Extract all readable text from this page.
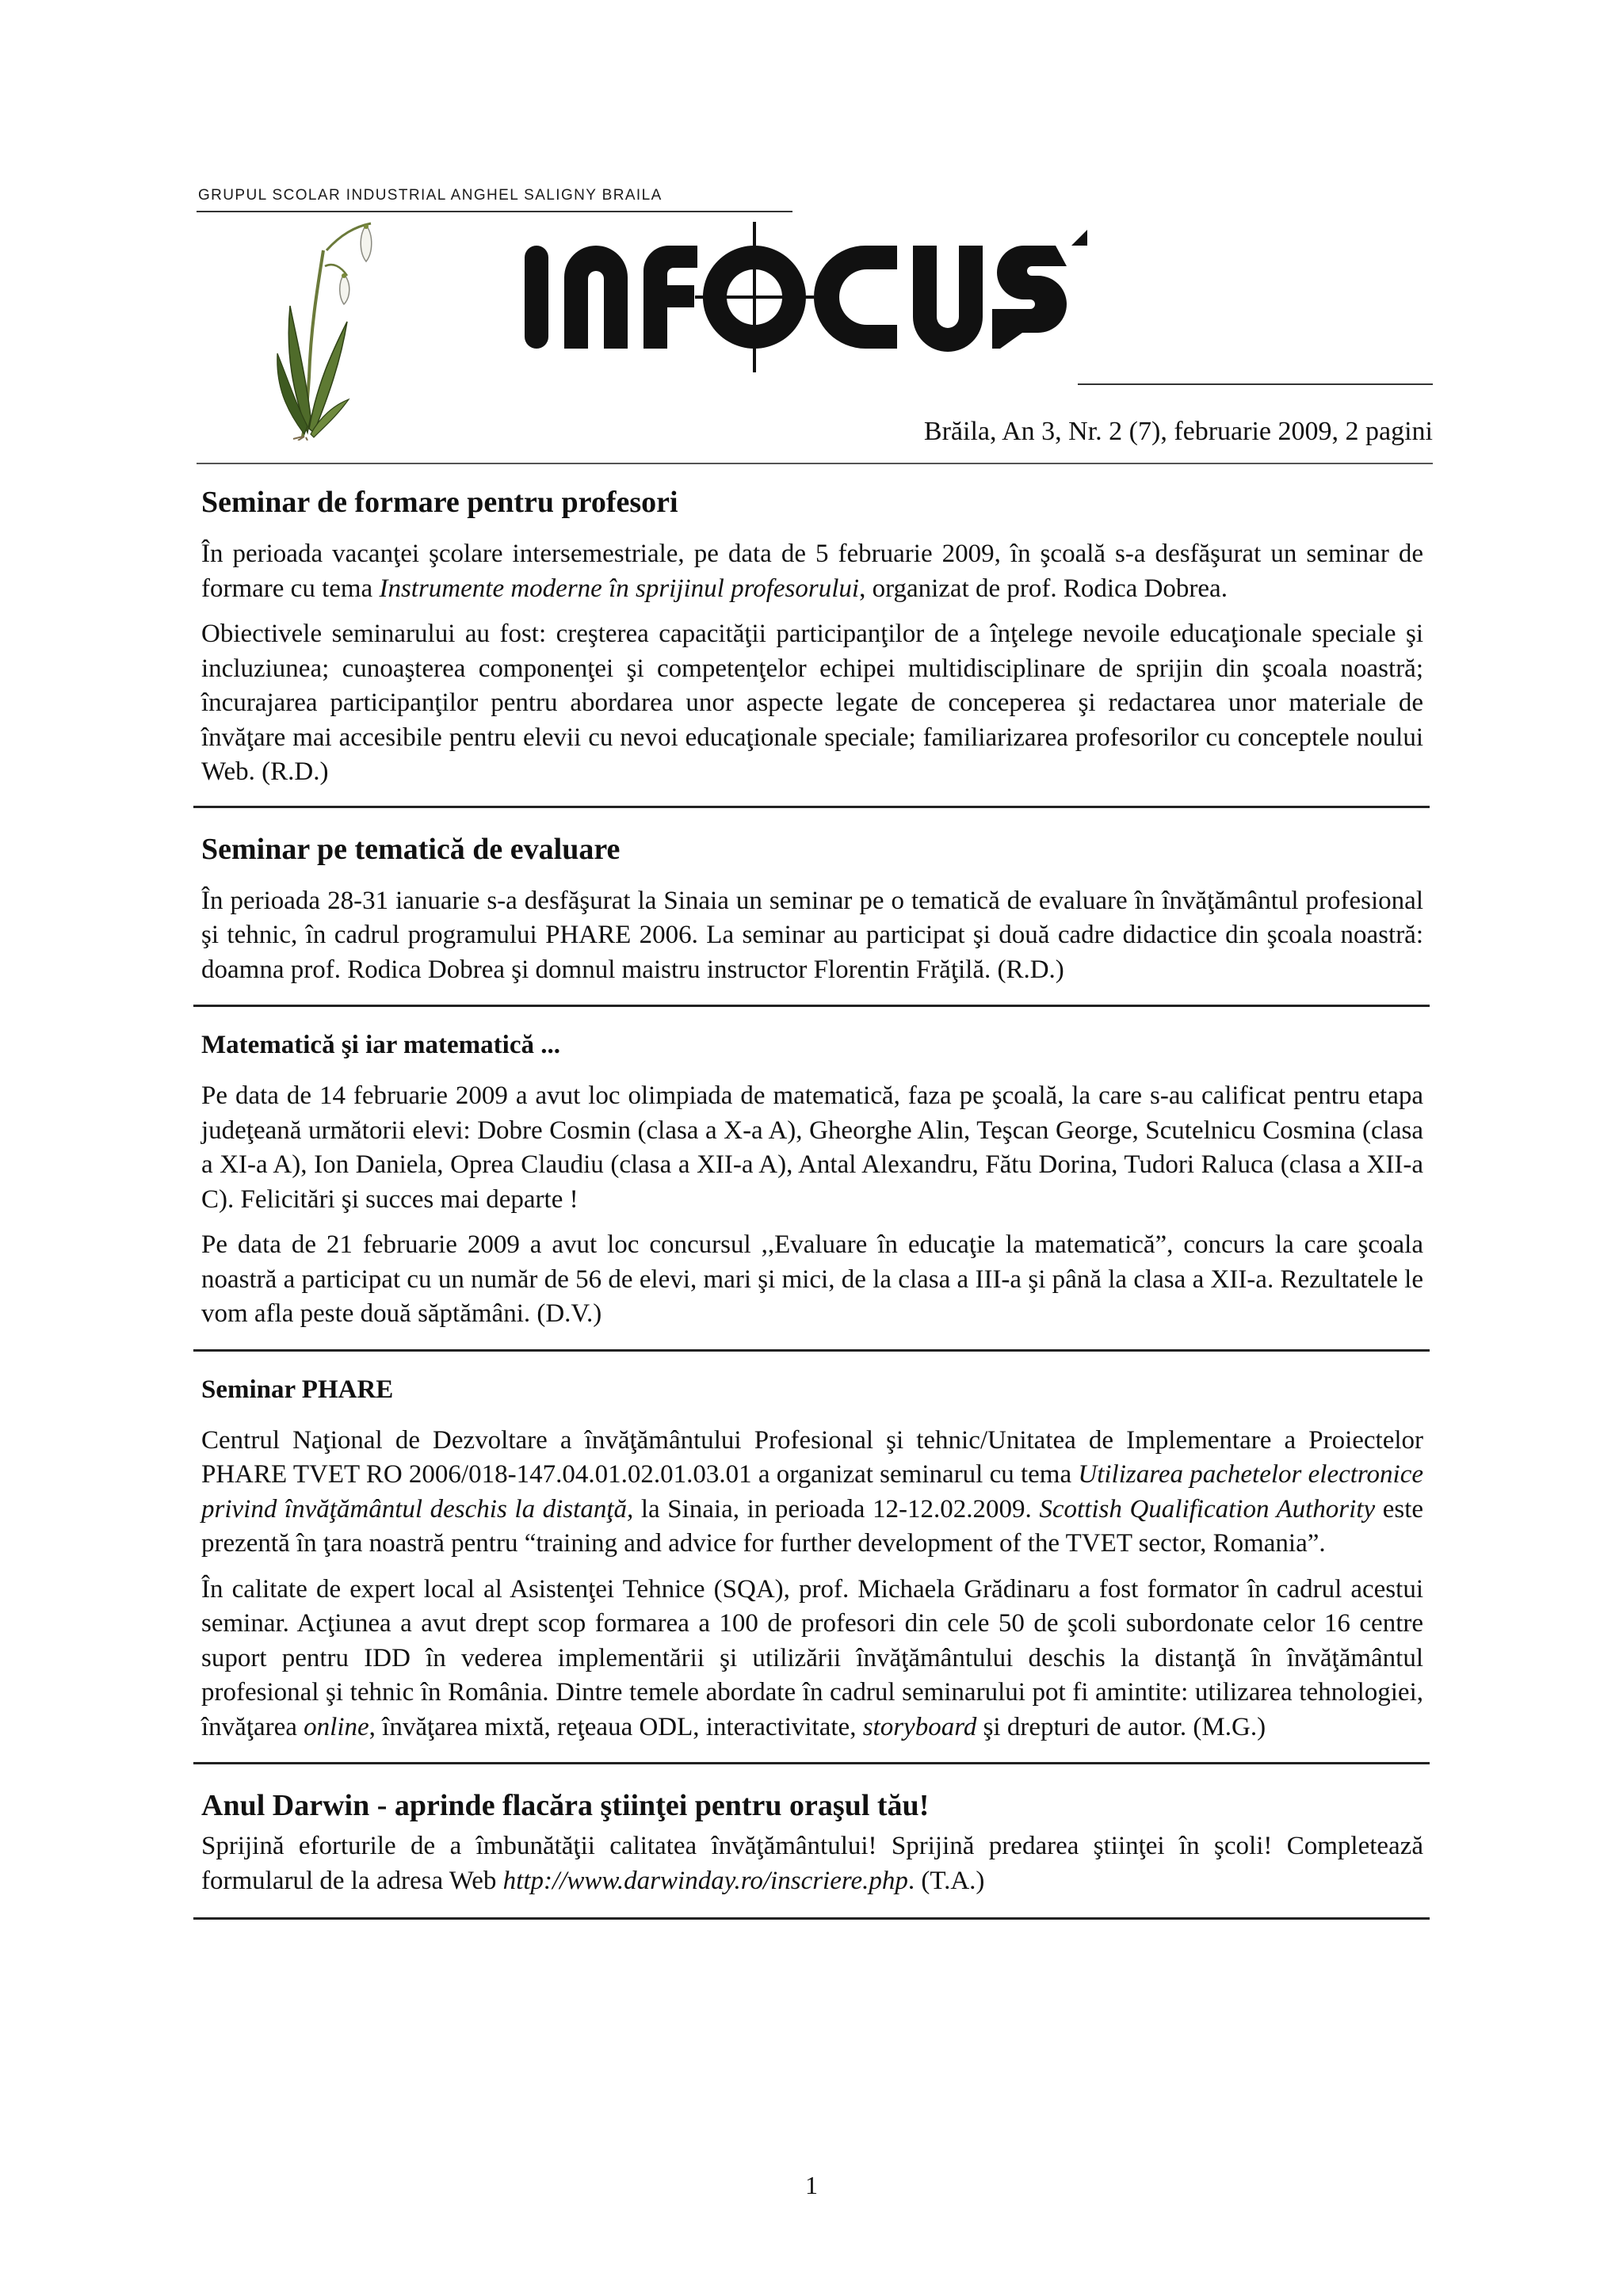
GRUPUL SCOLAR INDUSTRIAL ANGHEL SALIGNY BRAILA
Brăila, An 3, Nr. 2 (7), februarie 2009, 2 pagini
Seminar de formare pentru profesori

În perioada vacanţei şcolare intersemestriale, pe data de 5 februarie 2009, în şcoală s-a desfăşurat un seminar de formare cu tema Instrumente moderne în sprijinul profesorului, organizat de prof. Rodica Dobrea.

Obiectivele seminarului au fost: creşterea capacităţii participanţilor de a înţelege nevoile educaţionale speciale şi incluziunea; cunoaşterea componenţei şi competenţelor echipei multidisciplinare de sprijin din şcoala noastră; încurajarea participanţilor pentru abordarea unor aspecte legate de conceperea şi redactarea unor materiale de învăţare mai accesibile pentru elevii cu nevoi educaţionale speciale; familiarizarea profesorilor cu conceptele noului Web. (R.D.)

Seminar pe tematică de evaluare

În perioada 28-31 ianuarie s-a desfăşurat la Sinaia un seminar pe o tematică de evaluare în învăţământul profesional şi tehnic, în cadrul programului PHARE 2006. La seminar au participat şi două cadre didactice din şcoala noastră: doamna prof. Rodica Dobrea şi domnul maistru instructor Florentin Frăţilă. (R.D.)

Matematică şi iar matematică ...

Pe data de 14 februarie 2009 a avut loc olimpiada de matematică, faza pe şcoală, la care s-au calificat pentru etapa judeţeană următorii elevi: Dobre Cosmin (clasa a X-a A), Gheorghe Alin, Teşcan George, Scutelnicu Cosmina (clasa a XI-a A), Ion Daniela, Oprea Claudiu (clasa a XII-a A), Antal Alexandru, Fătu Dorina, Tudori Raluca (clasa a XII-a C). Felicitări şi succes mai departe !

Pe data de 21 februarie 2009 a avut loc concursul ,,Evaluare în educaţie la matematică”, concurs la care şcoala noastră a participat cu un număr de 56 de elevi, mari şi mici, de la clasa a III-a şi până la clasa a XII-a. Rezultatele le vom afla peste două săptămâni. (D.V.)

Seminar PHARE

Centrul Naţional de Dezvoltare a învăţământului Profesional şi tehnic/Unitatea de Implementare a Proiectelor PHARE TVET RO 2006/018-147.04.01.02.01.03.01 a organizat seminarul cu tema Utilizarea pachetelor electronice privind învăţământul deschis la distanţă, la Sinaia, in perioada 12-12.02.2009. Scottish Qualification Authority este prezentă în ţara noastră pentru “training and advice for further development of the TVET sector, Romania”.

În calitate de expert local al Asistenţei Tehnice (SQA), prof. Michaela Grădinaru a fost formator în cadrul acestui seminar. Acţiunea a avut drept scop formarea a 100 de profesori din cele 50 de şcoli subordonate celor 16 centre suport pentru IDD în vederea implementării şi utilizării învăţământului deschis la distanţă în învăţământul profesional şi tehnic în România. Dintre temele abordate în cadrul seminarului pot fi amintite: utilizarea tehnologiei, învăţarea online, învăţarea mixtă, reţeaua ODL, interactivitate, storyboard şi drepturi de autor. (M.G.)

Anul Darwin - aprinde flacăra ştiinţei pentru oraşul tău!

Sprijină eforturile de a îmbunătăţii calitatea învăţământului! Sprijină predarea ştiinţei în şcoli! Completează formularul de la adresa Web http://www.darwinday.ro/inscriere.php. (T.A.)

1
